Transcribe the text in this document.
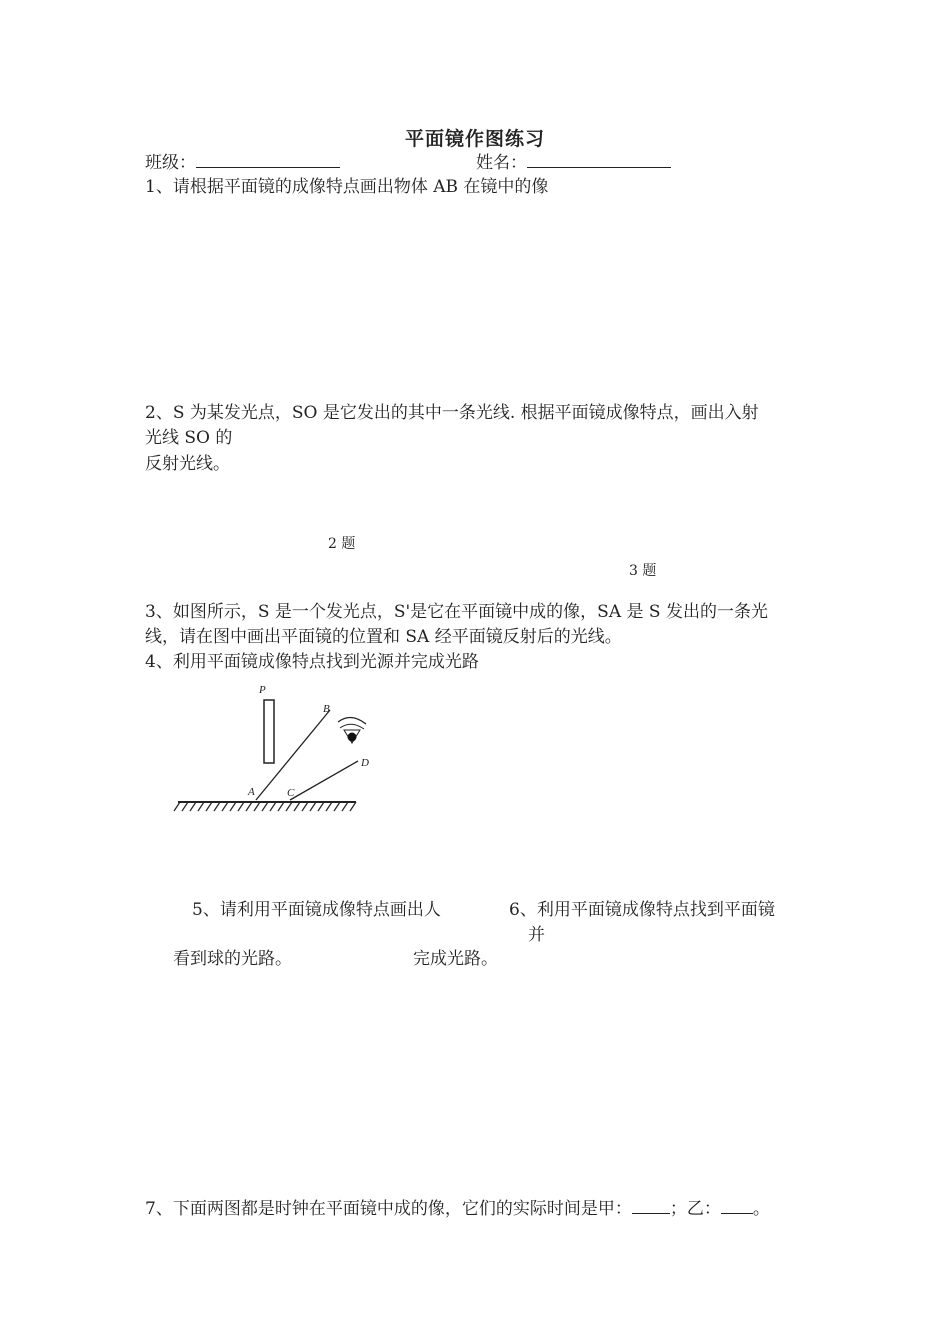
平面镜作图练习
班级：	姓名：
1、请根据平面镜的成像特点画出物体 AB 在镜中的像
2、S 为某发光点，SO 是它发出的其中一条光线. 根据平面镜成像特点，画出入射
光线 SO 的
反射光线。
2 题
3 题
3、如图所示，S 是一个发光点，S'是它在平面镜中成的像，SA 是 S 发出的一条光
线，请在图中画出平面镜的位置和 SA 经平面镜反射后的光线。
4、利用平面镜成像特点找到光源并完成光路
P
B
A	C
D
5、请利用平面镜成像特点画出人
看到球的光路。
6、利用平面镜成像特点找到平面镜
并
完成光路。
7、下面两图都是时钟在平面镜中成的像，它们的实际时间是甲： ；乙： 。
